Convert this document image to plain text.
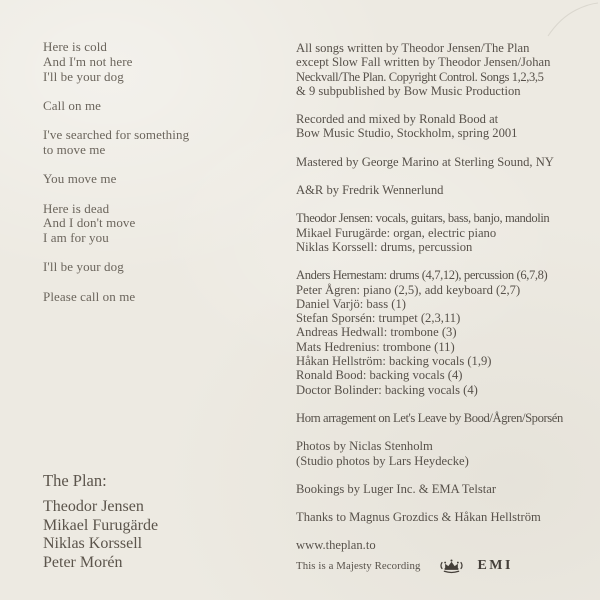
Here is cold
And I'm not here
I'll be your dog
Call on me
I've searched for something
to move me
You move me
Here is dead
And I don't move
I am for you
I'll be your dog
Please call on me
The Plan:
Theodor Jensen
Mikael Furugärde
Niklas Korssell
Peter Morén
All songs written by Theodor Jensen/The Plan
except Slow Fall written by Theodor Jensen/Johan
Neckvall/The Plan. Copyright Control. Songs 1,2,3,5
& 9 subpublished by Bow Music Production
Recorded and mixed by Ronald Bood at
Bow Music Studio, Stockholm, spring 2001
Mastered by George Marino at Sterling Sound, NY
A&R by Fredrik Wennerlund
Theodor Jensen: vocals, guitars, bass, banjo, mandolin
Mikael Furugärde: organ, electric piano
Niklas Korssell: drums, percussion
Anders Hernestam: drums (4,7,12), percussion (6,7,8)
Peter Ågren: piano (2,5), add keyboard (2,7)
Daniel Varjö: bass (1)
Stefan Sporsén: trumpet (2,3,11)
Andreas Hedwall: trombone (3)
Mats Hedrenius: trombone (11)
Håkan Hellström: backing vocals (1,9)
Ronald Bood: backing vocals (4)
Doctor Bolinder: backing vocals (4)
Horn arragement on Let's Leave by Bood/Ågren/Sporsén
Photos by Niclas Stenholm
(Studio photos by Lars Heydecke)
Bookings by Luger Inc. & EMA Telstar
Thanks to Magnus Grozdics & Håkan Hellström
www.theplan.to
This is a Majesty Recording	EMI
